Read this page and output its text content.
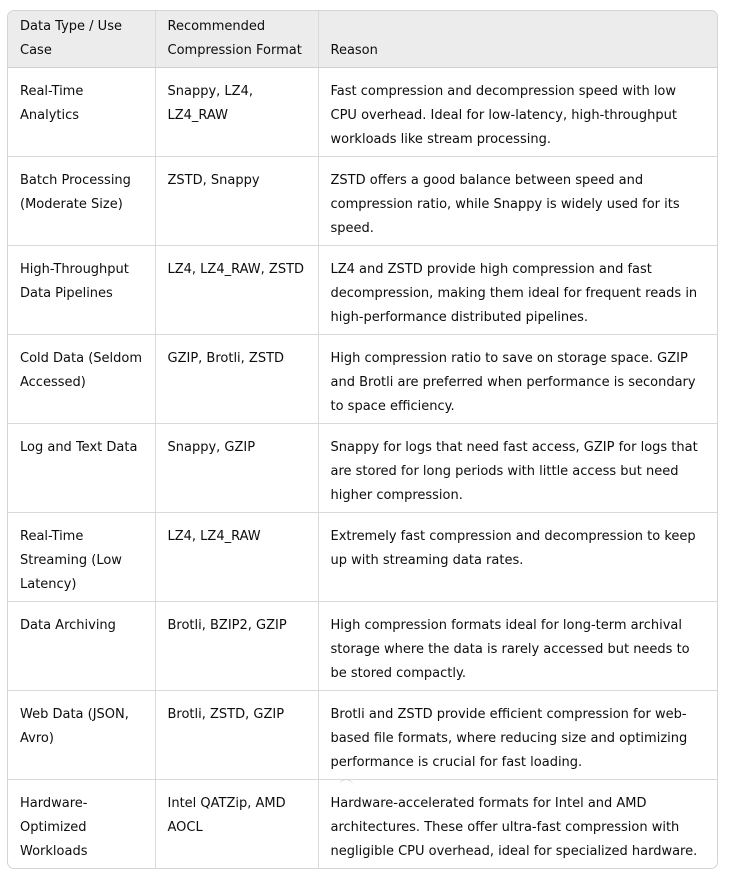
Data Type / Use Case	Recommended Compression Format	Reason
Real-Time Analytics	Snappy, LZ4, LZ4_RAW	Fast compression and decompression speed with low CPU overhead. Ideal for low-latency, high-throughput workloads like stream processing.
Batch Processing (Moderate Size)	ZSTD, Snappy	ZSTD offers a good balance between speed and compression ratio, while Snappy is widely used for its speed.
High-Throughput Data Pipelines	LZ4, LZ4_RAW, ZSTD	LZ4 and ZSTD provide high compression and fast decompression, making them ideal for frequent reads in high-performance distributed pipelines.
Cold Data (Seldom Accessed)	GZIP, Brotli, ZSTD	High compression ratio to save on storage space. GZIP and Brotli are preferred when performance is secondary to space efficiency.
Log and Text Data	Snappy, GZIP	Snappy for logs that need fast access, GZIP for logs that are stored for long periods with little access but need higher compression.
Real-Time Streaming (Low Latency)	LZ4, LZ4_RAW	Extremely fast compression and decompression to keep up with streaming data rates.
Data Archiving	Brotli, BZIP2, GZIP	High compression formats ideal for long-term archival storage where the data is rarely accessed but needs to be stored compactly.
Web Data (JSON, Avro)	Brotli, ZSTD, GZIP	Brotli and ZSTD provide efficient compression for web-based file formats, where reducing size and optimizing performance is crucial for fast loading.
Hardware-Optimized Workloads	Intel QATZip, AMD AOCL	Hardware-accelerated formats for Intel and AMD architectures. These offer ultra-fast compression with negligible CPU overhead, ideal for specialized hardware.
